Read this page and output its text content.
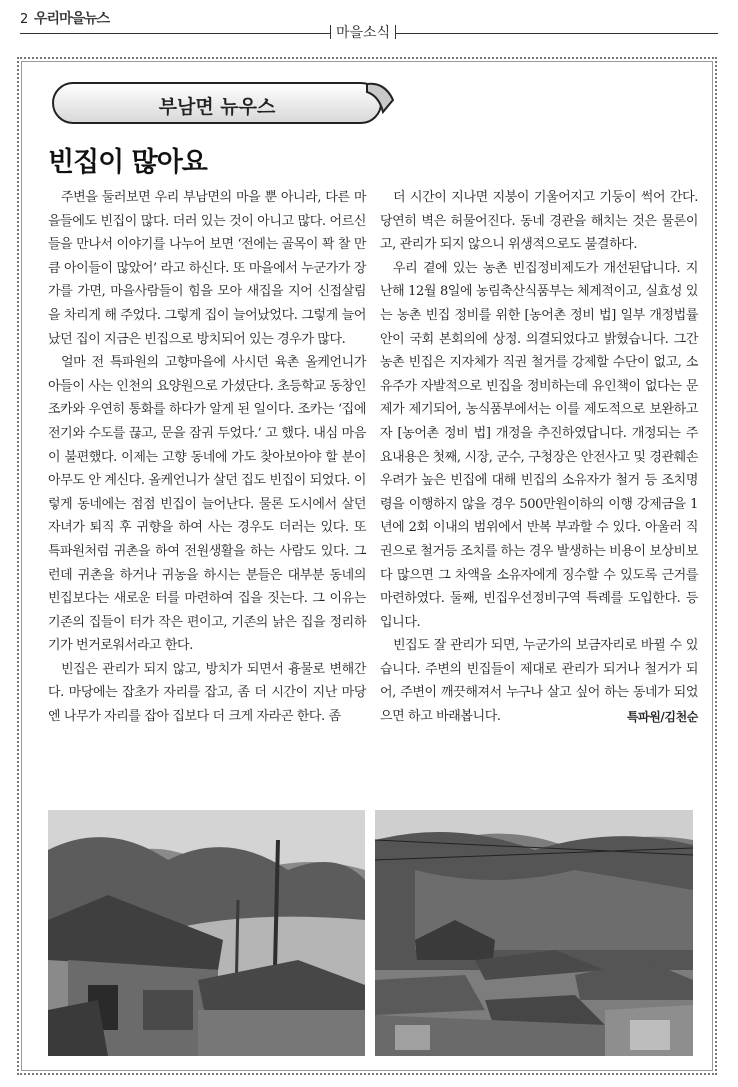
2 우리마을뉴스
마을소식
부남면 뉴우스
빈집이 많아요

주변을 둘러보면 우리 부남면의 마을 뿐 아니라, 다른 마을들에도 빈집이 많다. 더러 있는 것이 아니고 많다. 어르신들을 만나서 이야기를 나누어 보면 ‘전에는 골목이 꽉 찰 만큼 아이들이 많았어’ 라고 하신다. 또 마을에서 누군가가 장가를 가면, 마을사람들이 힘을 모아 새집을 지어 신접살림을 차리게 해 주었다. 그렇게 집이 늘어났었다. 그렇게 늘어났던 집이 지금은 빈집으로 방치되어 있는 경우가 많다.

얼마 전 특파원의 고향마을에 사시던 육촌 올케언니가 아들이 사는 인천의 요양원으로 가셨단다. 초등학교 동창인 조카와 우연히 통화를 하다가 알게 된 일이다. 조카는 ‘집에 전기와 수도를 끊고, 문을 잠궈 두었다.’ 고 했다. 내심 마음이 불편했다. 이제는 고향 동네에 가도 찾아보아야 할 분이 아무도 안 계신다. 올케언니가 살던 집도 빈집이 되었다. 이렇게 동네에는 점점 빈집이 늘어난다. 물론 도시에서 살던 자녀가 퇴직 후 귀향을 하여 사는 경우도 더러는 있다. 또 특파원처럼 귀촌을 하여 전원생활을 하는 사람도 있다. 그런데 귀촌을 하거나 귀농을 하시는 분들은 대부분 동네의 빈집보다는 새로운 터를 마련하여 집을 짓는다. 그 이유는 기존의 집들이 터가 작은 편이고, 기존의 낡은 집을 정리하기가 번거로워서라고 한다.

빈집은 관리가 되지 않고, 방치가 되면서 흉물로 변해간다. 마당에는 잡초가 자리를 잡고, 좀 더 시간이 지난 마당엔 나무가 자리를 잡아 집보다 더 크게 자라곤 한다. 좀

더 시간이 지나면 지붕이 기울어지고 기둥이 썩어 간다. 당연히 벽은 허물어진다. 동네 경관을 해치는 것은 물론이고, 관리가 되지 않으니 위생적으로도 불결하다.

우리 곁에 있는 농촌 빈집정비제도가 개선된답니다. 지난해 12월 8일에 농림축산식품부는 체계적이고, 실효성 있는 농촌 빈집 정비를 위한 [농어촌 정비 법] 일부 개정법률 안이 국회 본회의에 상정. 의결되었다고 밝혔습니다. 그간 농촌 빈집은 지자체가 직권 철거를 강제할 수단이 없고, 소유주가 자발적으로 빈집을 정비하는데 유인책이 없다는 문제가 제기되어, 농식품부에서는 이를 제도적으로 보완하고자 [농어촌 정비 법] 개정을 추진하였답니다. 개정되는 주요내용은 첫째, 시장, 군수, 구청장은 안전사고 및 경관훼손 우려가 높은 빈집에 대해 빈집의 소유자가 철거 등 조치명령을 이행하지 않을 경우 500만원이하의 이행 강제금을 1년에 2회 이내의 범위에서 반복 부과할 수 있다. 아울러 직권으로 철거등 조치를 하는 경우 발생하는 비용이 보상비보다 많으면 그 차액을 소유자에게 징수할 수 있도록 근거를 마련하였다. 둘째, 빈집우선정비구역 특례를 도입한다. 등입니다.

빈집도 잘 관리가 되면, 누군가의 보금자리로 바뀔 수 있습니다. 주변의 빈집들이 제대로 관리가 되거나 철거가 되어, 주변이 깨끗해져서 누구나 살고 싶어 하는 동네가 되었으면 하고 바래봅니다.	특파원/김천순
